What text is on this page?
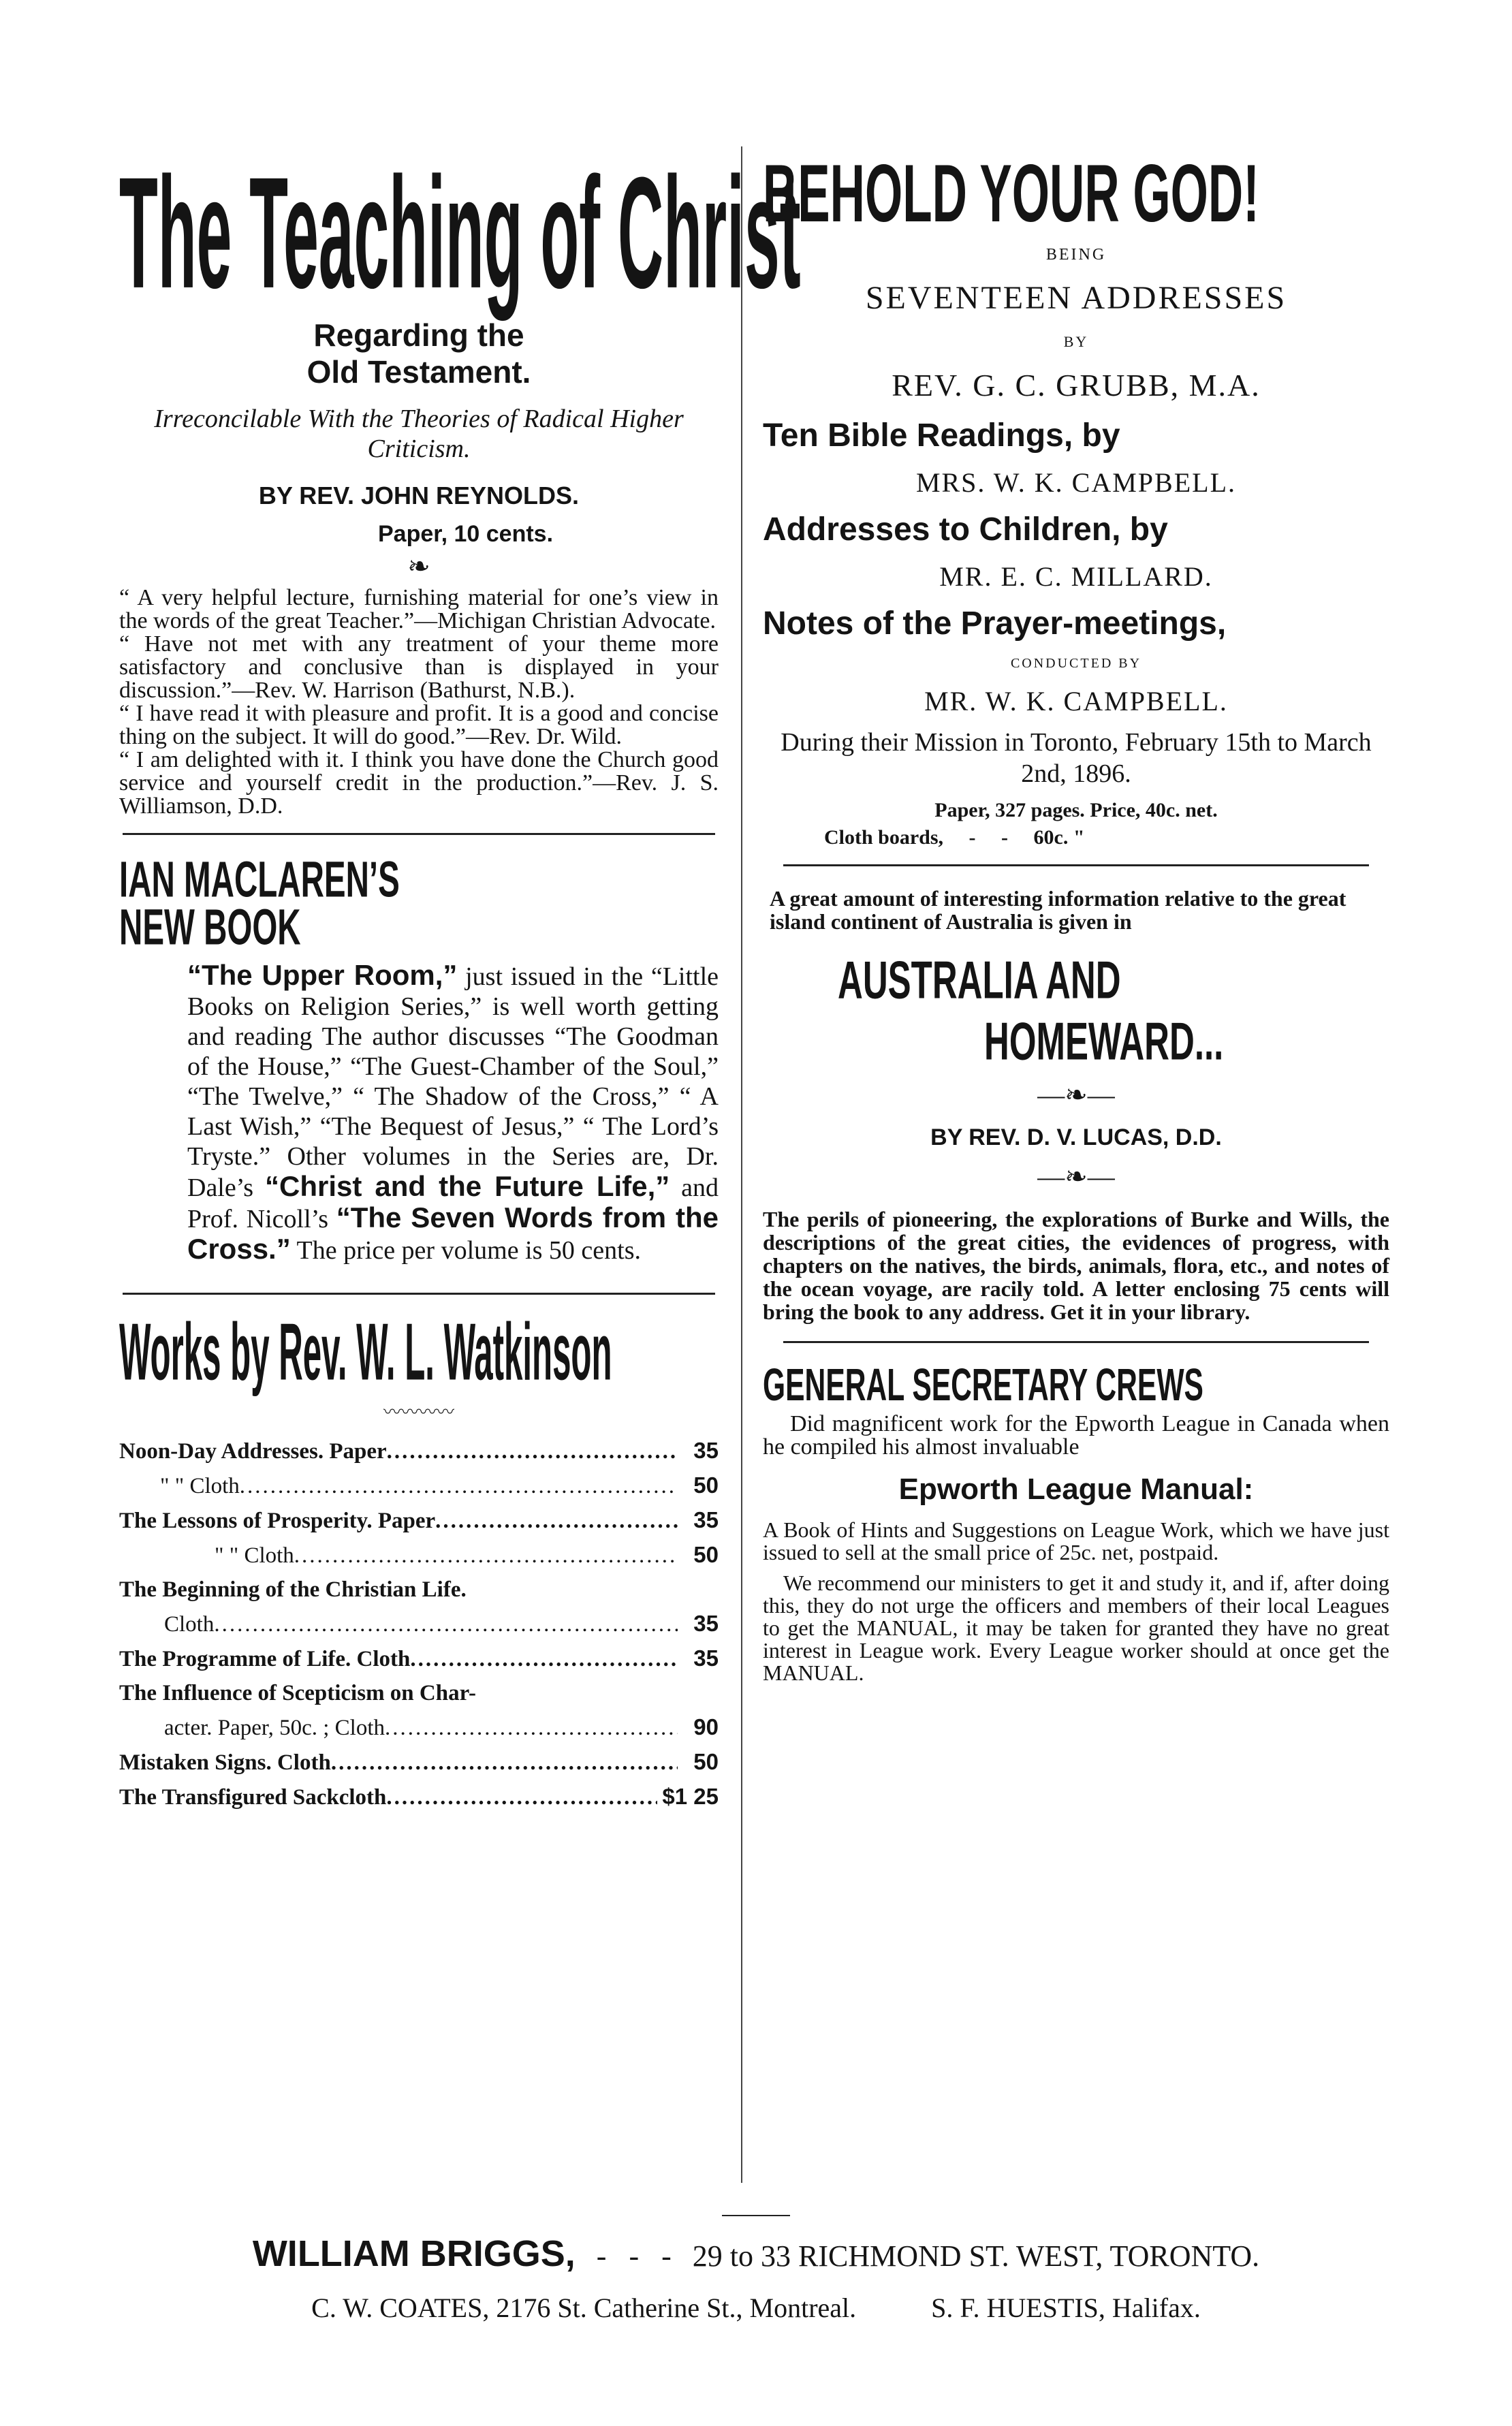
The Teaching of Christ
Regarding the
Old Testament.
Irreconcilable With the Theories of Radical Higher Criticism.
BY REV. JOHN REYNOLDS.
Paper, 10 cents.
❧
“ A very helpful lecture, furnishing material for one’s view in the words of the great Teacher.”—Michigan Christian Advocate.
“ Have not met with any treatment of your theme more satisfactory and conclusive than is displayed in your discussion.”—Rev. W. Harrison (Bathurst, N.B.).
“ I have read it with pleasure and profit. It is a good and concise thing on the subject. It will do good.”—Rev. Dr. Wild.
“ I am delighted with it. I think you have done the Church good service and yourself credit in the production.”—Rev. J. S. Williamson, D.D.
IAN MACLAREN’S
NEW BOOK
“The Upper Room,” just issued in the “Little Books on Religion Series,” is well worth getting and reading The author discusses “The Goodman of the House,” “The Guest-Chamber of the Soul,” “The Twelve,” “ The Shadow of the Cross,” “ A Last Wish,” “The Bequest of Jesus,” “ The Lord’s Tryste.” Other volumes in the Series are, Dr. Dale’s “Christ and the Future Life,” and Prof. Nicoll’s “The Seven Words from the Cross.” The price per volume is 50 cents.
Works by Rev. W. L. Watkinson
〰〰〰〰
Noon-Day Addresses. Paper .....	35
" " Cloth .....	50
The Lessons of Prosperity. Paper .....	35
" " Cloth .....	50
The Beginning of the Christian Life.
Cloth .....	35
The Programme of Life. Cloth .....	35
The Influence of Scepticism on Char-
acter. Paper, 50c. ; Cloth .....	90
Mistaken Signs. Cloth .....	50
The Transfigured Sackcloth .....	$1 25
BEHOLD YOUR GOD!
BEING
SEVENTEEN ADDRESSES
BY
REV. G. C. GRUBB, M.A.
Ten Bible Readings, by
MRS. W. K. CAMPBELL.
Addresses to Children, by
MR. E. C. MILLARD.
Notes of the Prayer-meetings,
CONDUCTED BY
MR. W. K. CAMPBELL.
During their Mission in Toronto, February 15th to March 2nd, 1896.
Paper, 327 pages. Price, 40c. net.
Cloth boards,     -     -     60c. "
A great amount of interesting information relative to the great island continent of Australia is given in
AUSTRALIA AND
HOMEWARD...
—❧—
BY REV. D. V. LUCAS, D.D.
—❧—
The perils of pioneering, the explorations of Burke and Wills, the descriptions of the great cities, the evidences of progress, with chapters on the natives, the birds, animals, flora, etc., and notes of the ocean voyage, are racily told. A letter enclosing 75 cents will bring the book to any address. Get it in your library.
GENERAL SECRETARY CREWS
Did magnificent work for the Epworth League in Canada when he compiled his almost invaluable
Epworth League Manual:
A Book of Hints and Suggestions on League Work, which we have just issued to sell at the small price of 25c. net, postpaid.
We recommend our ministers to get it and study it, and if, after doing this, they do not urge the officers and members of their local Leagues to get the MANUAL, it may be taken for granted they have no great interest in League work. Every League worker should at once get the MANUAL.
WILLIAM BRIGGS, -   -   - 29 to 33 RICHMOND ST. WEST, TORONTO.
C. W. COATES, 2176 St. Catherine St., Montreal.	S. F. HUESTIS, Halifax.
